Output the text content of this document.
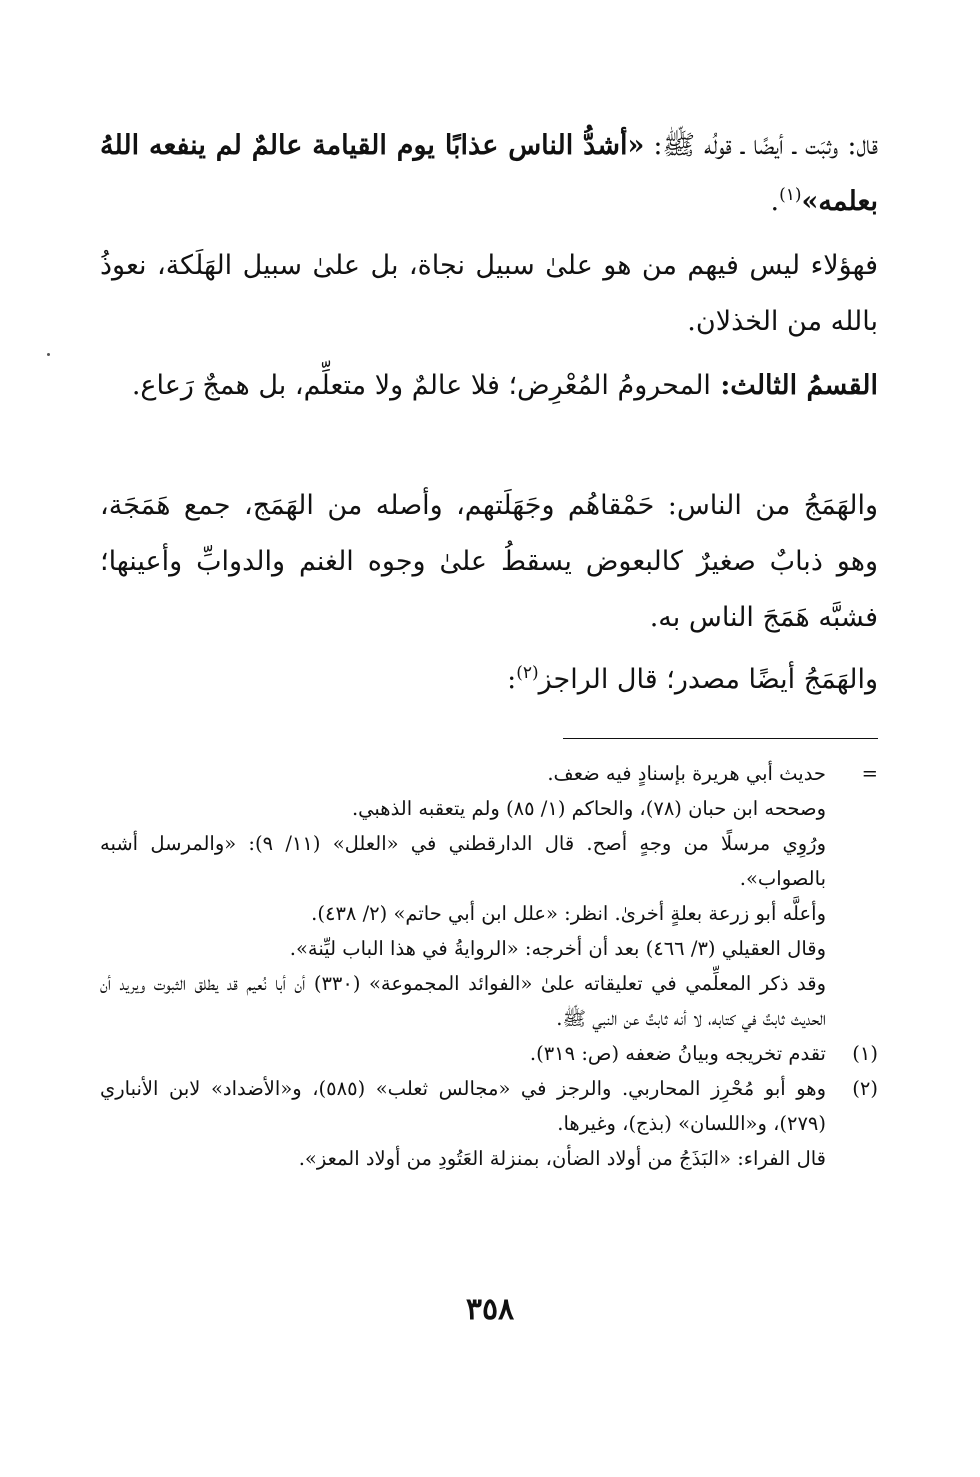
قال: وثبَت ـ أيضًا ـ قولُه ﷺ: «أشدُّ الناس عذابًا يوم القيامة عالمٌ لم ينفعه اللهُ بعلمه»$^{(١)}$.
فهؤلاء ليس فيهم من هو علىٰ سبيل نجاة، بل علىٰ سبيل الهَلَكة، نعوذُ بالله من الخذلان.
القسمُ الثالث: المحرومُ المُعْرِض؛ فلا عالمٌ ولا متعلِّم، بل همجٌ رَعاع.
والهَمَجُ من الناس: حَمْقاهُم وجَهَلَتهم، وأصله من الهَمَج، جمع هَمَجَة، وهو ذبابٌ صغيرٌ كالبعوض يسقطُ علىٰ وجوه الغنم والدوابِّ وأعينها؛ فشبَّه هَمَجَ الناس به.
والهَمَجُ أيضًا مصدر؛ قال الراجز$^{(٢)}$:
=
حديث أبي هريرة بإسنادٍ فيه ضعف.
وصححه ابن حبان (٧٨)، والحاكم (١/ ٨٥) ولم يتعقبه الذهبي.
ورُوِي مرسلًا من وجهٍ أصح. قال الدارقطني في «العلل» (١١/ ٩): «والمرسل أشبه بالصواب».
وأعلَّه أبو زرعة بعلةٍ أخرىٰ. انظر: «علل ابن أبي حاتم» (٢/ ٤٣٨).
وقال العقيلي (٣/ ٤٦٦) بعد أن أخرجه: «الروايةُ في هذا الباب ليِّنة».
وقد ذكر المعلِّمي في تعليقاته علىٰ «الفوائد المجموعة» (٣٣٠) أن أبا نُعيم قد يطلق الثبوت ويريد أن الحديث ثابتٌ في كتابه، لا أنه ثابتٌ عن النبي ﷺ.
(١)
تقدم تخريجه وبيانُ ضعفه (ص: ٣١٩).
(٢)
وهو أبو مُحْرِز المحاربي. والرجز في «مجالس ثعلب» (٥٨٥)، و«الأضداد» لابن الأنباري (٢٧٩)، و«اللسان» (بذج)، وغيرها.
قال الفراء: «البَذَجُ من أولاد الضأن، بمنزلة العَتُودِ من أولاد المعز».
٣٥٨
